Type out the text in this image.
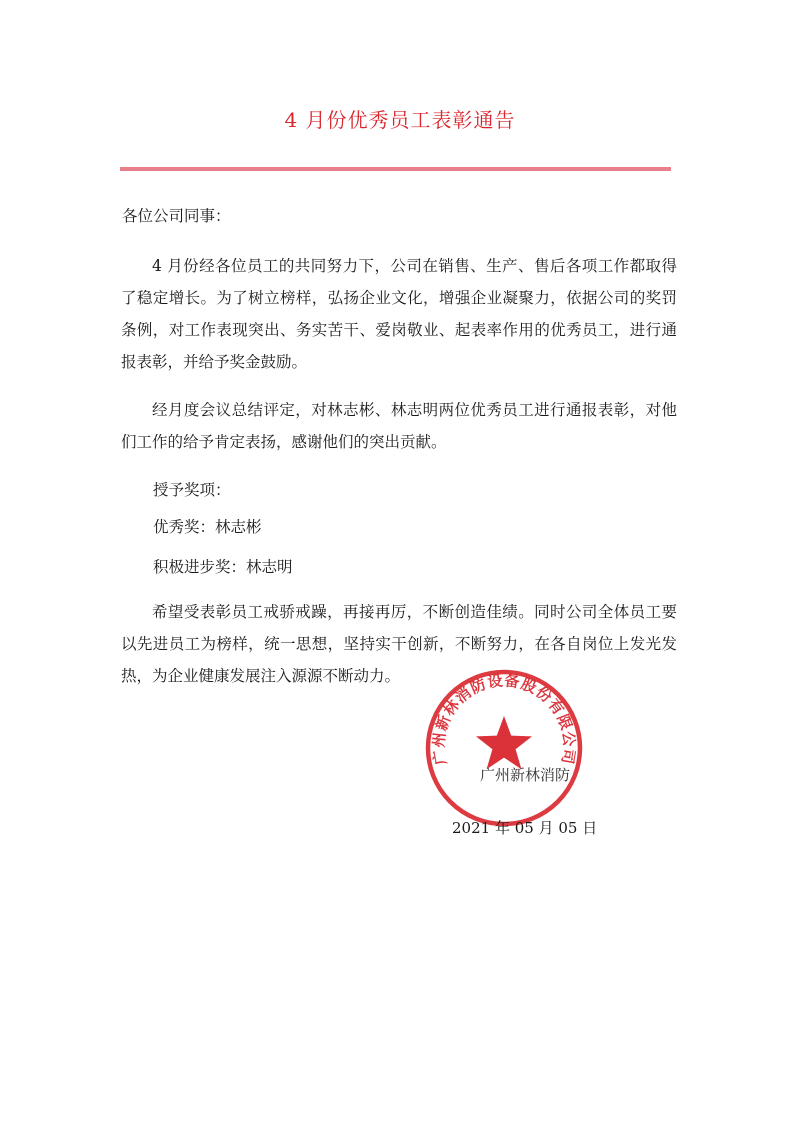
4 月份优秀员工表彰通告
各位公司同事：
4 月份经各位员工的共同努力下，公司在销售、生产、售后各项工作都取得了稳定增长。为了树立榜样，弘扬企业文化，增强企业凝聚力，依据公司的奖罚条例，对工作表现突出、务实苦干、爱岗敬业、起表率作用的优秀员工，进行通报表彰，并给予奖金鼓励。
经月度会议总结评定，对林志彬、林志明两位优秀员工进行通报表彰，对他们工作的给予肯定表扬，感谢他们的突出贡献。
授予奖项：
优秀奖：林志彬
积极进步奖：林志明
希望受表彰员工戒骄戒躁，再接再厉，不断创造佳绩。同时公司全体员工要以先进员工为榜样，统一思想，坚持实干创新，不断努力，在各自岗位上发光发热，为企业健康发展注入源源不断动力。
广州新林消防
广州新林消防设备股份有限公司
2021 年 05 月 05 日
